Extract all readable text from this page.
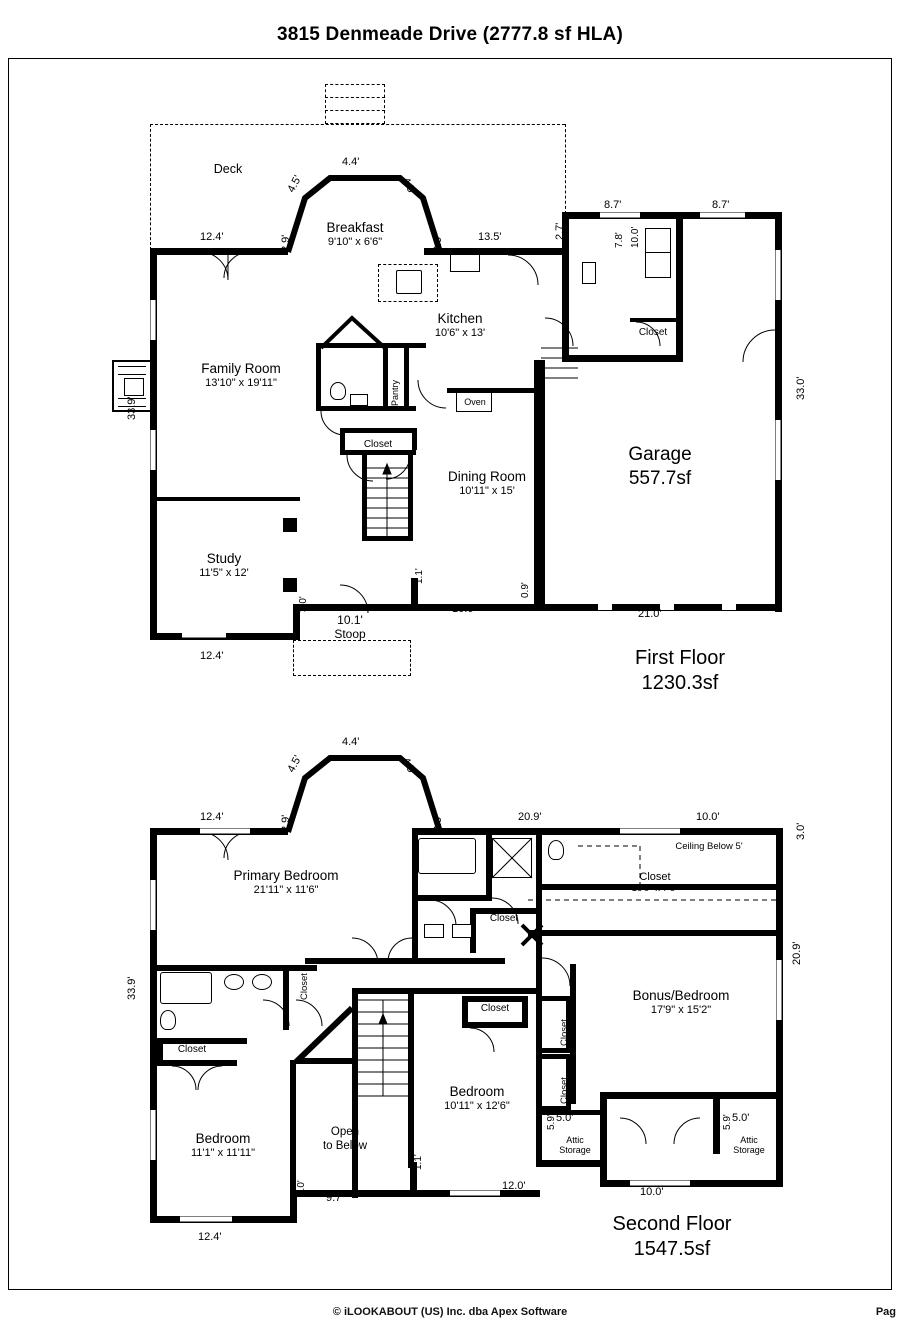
3815 Denmeade Drive (2777.8 sf HLA)
Deck
Breakfast
9'10" x 6'6"
Kitchen
10'6" x 13'
Family Room
13'10" x 19'11"
Dining Room
10'11" x 15'
Study
11'5" x 12'
Garage
557.7sf
First Floor
1230.3sf
Pantry	Oven
Closet
Closet
10.1'
Stoop
4.4'
4.5'	4.5'
12.4'	2.9'	2.9'	13.5'	2.7'
8.7'	8.7'
7.8' 10.0'
33.0'
33.9'
12.4'
3.0'
1.1'
10.6'
0.9'
21.0'
Primary Bedroom
21'11" x 11'6"
Bonus/Bedroom
17'9" x 15'2"
Bedroom
10'11" x 12'6"
Bedroom
11'1" x 11'11"
Second Floor
1547.5sf
Ceiling Below 5'
Closet
16'9" x 7'6"
Closet
Closet
Closet
Closet
Closet
Closet
Open
to Below	Attic
Storage
Attic
Storage
4.4'
4.5'	4.5'
12.4'	2.9'	2.9'	20.9'	10.0'
3.0'
20.9'
33.9'
12.4'
3.0'
9.7'
1.1'
12.0'	10.0'
5.0'
5.9'	5.0'
5.9'
© iLOOKABOUT (US) Inc. dba Apex Software	Pag
